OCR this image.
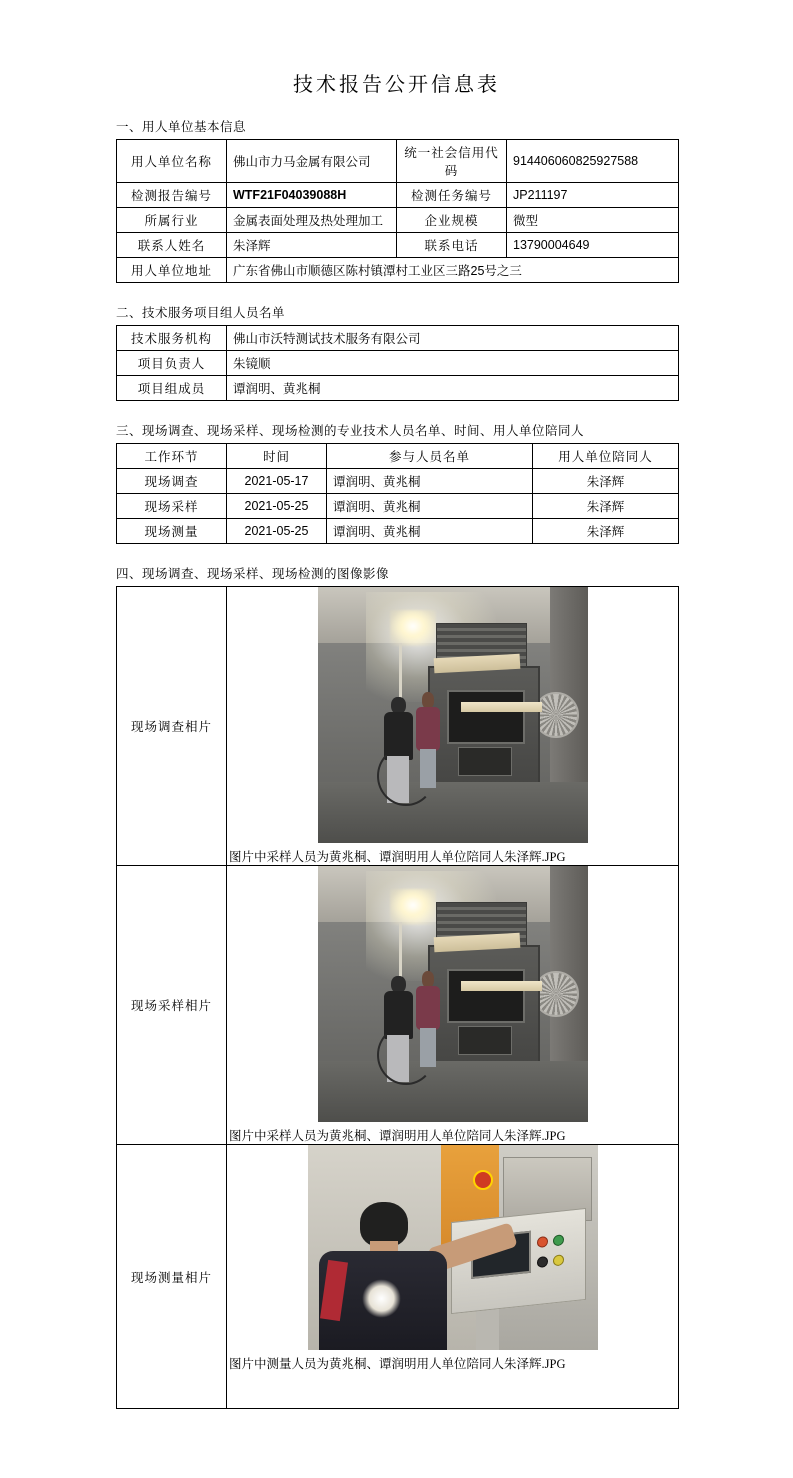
技术报告公开信息表
一、用人单位基本信息
用人单位名称	佛山市力马金属有限公司	统一社会信用代码	914406060825927588
检测报告编号	WTF21F04039088H	检测任务编号	JP211197
所属行业	金属表面处理及热处理加工	企业规模	微型
联系人姓名	朱泽辉	联系电话	13790004649
用人单位地址	广东省佛山市顺德区陈村镇潭村工业区三路25号之三		
二、技术服务项目组人员名单
技术服务机构	佛山市沃特测试技术服务有限公司
项目负责人	朱镜顺
项目组成员	谭润明、黄兆桐
三、现场调查、现场采样、现场检测的专业技术人员名单、时间、用人单位陪同人
工作环节	时间	参与人员名单	用人单位陪同人
现场调查	2021-05-17	谭润明、黄兆桐	朱泽辉
现场采样	2021-05-25	谭润明、黄兆桐	朱泽辉
现场测量	2021-05-25	谭润明、黄兆桐	朱泽辉
四、现场调查、现场采样、现场检测的图像影像
现场调查相片	图片中采样人员为黄兆桐、谭润明用人单位陪同人朱泽辉.JPG

现场采样相片	图片中采样人员为黄兆桐、谭润明用人单位陪同人朱泽辉.JPG

现场测量相片	图片中测量人员为黄兆桐、谭润明用人单位陪同人朱泽辉.JPG
